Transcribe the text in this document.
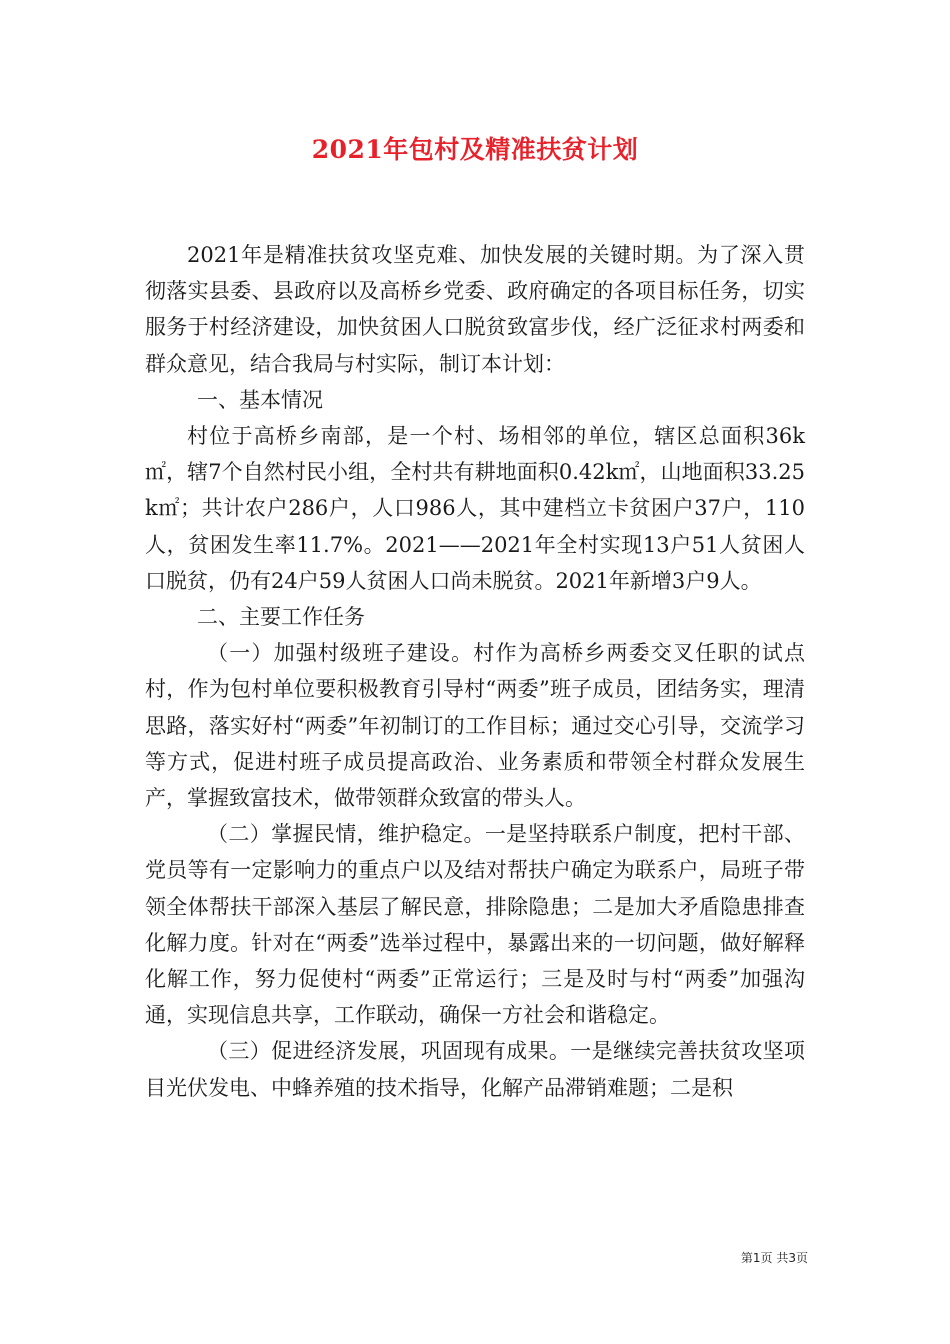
2021年包村及精准扶贫计划

2021年是精准扶贫攻坚克难、加快发展的关键时期。为了深入贯彻落实县委、县政府以及高桥乡党委、政府确定的各项目标任务，切实服务于村经济建设，加快贫困人口脱贫致富步伐，经广泛征求村两委和群众意见，结合我局与村实际，制订本计划：

一、基本情况

村位于高桥乡南部，是一个村、场相邻的单位，辖区总面积36k㎡，辖7个自然村民小组，全村共有耕地面积0.42k㎡，山地面积33.25k㎡；共计农户286户，人口986人，其中建档立卡贫困户37户，110人，贫困发生率11.7%。2021——2021年全村实现13户51人贫困人口脱贫，仍有24户59人贫困人口尚未脱贫。2021年新增3户9人。

二、主要工作任务

（一）加强村级班子建设。村作为高桥乡两委交叉任职的试点村，作为包村单位要积极教育引导村“两委”班子成员，团结务实，理清思路，落实好村“两委”年初制订的工作目标；通过交心引导，交流学习等方式，促进村班子成员提高政治、业务素质和带领全村群众发展生产，掌握致富技术，做带领群众致富的带头人。

（二）掌握民情，维护稳定。一是坚持联系户制度，把村干部、党员等有一定影响力的重点户以及结对帮扶户确定为联系户，局班子带领全体帮扶干部深入基层了解民意，排除隐患；二是加大矛盾隐患排查化解力度。针对在“两委”选举过程中，暴露出来的一切问题，做好解释化解工作，努力促使村“两委”正常运行；三是及时与村“两委”加强沟通，实现信息共享，工作联动，确保一方社会和谐稳定。

（三）促进经济发展，巩固现有成果。一是继续完善扶贫攻坚项目光伏发电、中蜂养殖的技术指导，化解产品滞销难题；二是积

第1页 共3页
